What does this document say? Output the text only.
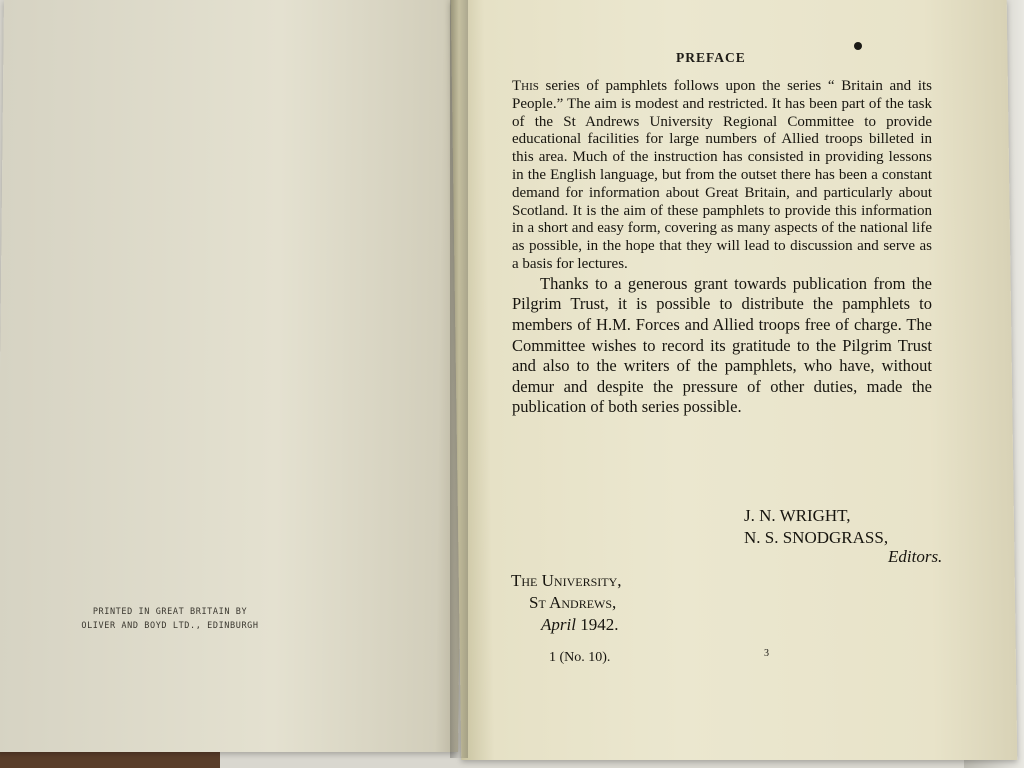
PRINTED IN GREAT BRITAIN BY
OLIVER AND BOYD LTD., EDINBURGH
PREFACE

This series of pamphlets follows upon the series “ Britain and its People.” The aim is modest and restricted. It has been part of the task of the St Andrews University Regional Committee to provide educational facilities for large numbers of Allied troops billeted in this area. Much of the instruction has consisted in providing lessons in the English language, but from the outset there has been a constant demand for information about Great Britain, and particularly about Scotland. It is the aim of these pamphlets to provide this information in a short and easy form, covering as many aspects of the national life as possible, in the hope that they will lead to discussion and serve as a basis for lectures.

Thanks to a generous grant towards publication from the Pilgrim Trust, it is possible to distribute the pamphlets to members of H.M. Forces and Allied troops free of charge. The Committee wishes to record its gratitude to the Pilgrim Trust and also to the writers of the pamphlets, who have, without demur and despite the pressure of other duties, made the publication of both series possible.

J. N. WRIGHT,
N. S. SNODGRASS,
Editors.
The University,
St Andrews,
April 1942.
1 (No. 10).	3
